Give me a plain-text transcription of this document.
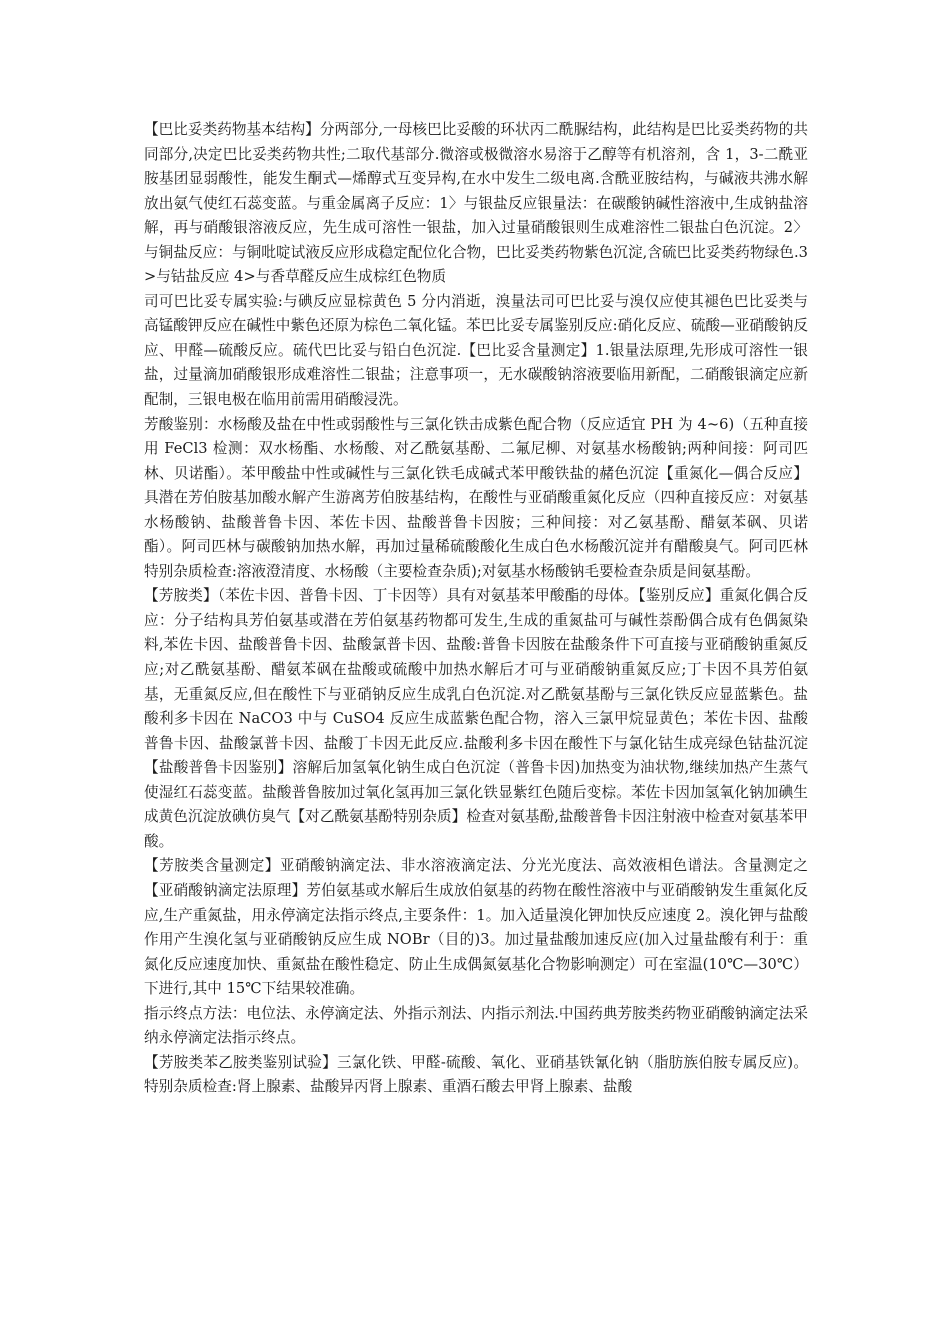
【巴比妥类药物基本结构】分两部分,一母核巴比妥酸的环状丙二酰脲结构，此结构是巴比妥类药物的共同部分,决定巴比妥类药物共性;二取代基部分.微溶或极微溶水易溶于乙醇等有机溶剂，含 1，3-二酰亚胺基团显弱酸性，能发生酮式—烯醇式互变异构,在水中发生二级电离.含酰亚胺结构，与碱液共沸水解放出氨气使红石蕊变蓝。与重金属离子反应：1〉与银盐反应银量法：在碳酸钠碱性溶液中,生成钠盐溶解，再与硝酸银溶液反应，先生成可溶性一银盐，加入过量硝酸银则生成难溶性二银盐白色沉淀。2〉与铜盐反应：与铜吡啶试液反应形成稳定配位化合物，巴比妥类药物紫色沉淀,含硫巴比妥类药物绿色.3>与钴盐反应 4>与香草醛反应生成棕红色物质

司可巴比妥专属实验:与碘反应显棕黄色 5 分内消逝，溴量法司可巴比妥与溴仅应使其褪色巴比妥类与高锰酸钾反应在碱性中紫色还原为棕色二氧化锰。苯巴比妥专属鉴别反应:硝化反应、硫酸—亚硝酸钠反应、甲醛—硫酸反应。硫代巴比妥与铅白色沉淀.【巴比妥含量测定】1.银量法原理,先形成可溶性一银盐，过量滴加硝酸银形成难溶性二银盐；注意事项一，无水碳酸钠溶液要临用新配，二硝酸银滴定应新配制，三银电极在临用前需用硝酸浸洗。

芳酸鉴别：水杨酸及盐在中性或弱酸性与三氯化铁击成紫色配合物（反应适宜 PH 为 4~6)（五种直接用 FeCl3 检测：双水杨酯、水杨酸、对乙酰氨基酚、二氟尼柳、对氨基水杨酸钠;两种间接：阿司匹林、贝诺酯）。苯甲酸盐中性或碱性与三氯化铁毛成碱式苯甲酸铁盐的赭色沉淀【重氮化—偶合反应】具潜在芳伯胺基加酸水解产生游离芳伯胺基结构，在酸性与亚硝酸重氮化反应（四种直接反应：对氨基水杨酸钠、盐酸普鲁卡因、苯佐卡因、盐酸普鲁卡因胺；三种间接：对乙氨基酚、醋氨苯砜、贝诺酯）。阿司匹林与碳酸钠加热水解，再加过量稀硫酸酸化生成白色水杨酸沉淀并有醋酸臭气。阿司匹林特别杂质检查:溶液澄清度、水杨酸（主要检查杂质);对氨基水杨酸钠毛要检查杂质是间氨基酚。

【芳胺类】（苯佐卡因、普鲁卡因、丁卡因等）具有对氨基苯甲酸酯的母体。【鉴别反应】重氮化偶合反应：分子结构具芳伯氨基或潜在芳伯氨基药物都可发生,生成的重氮盐可与碱性萘酚偶合成有色偶氮染料,苯佐卡因、盐酸普鲁卡因、盐酸氯普卡因、盐酸:普鲁卡因胺在盐酸条件下可直接与亚硝酸钠重氮反应;对乙酰氨基酚、醋氨苯砜在盐酸或硫酸中加热水解后才可与亚硝酸钠重氮反应;丁卡因不具芳伯氨基，无重氮反应,但在酸性下与亚硝钠反应生成乳白色沉淀.对乙酰氨基酚与三氯化铁反应显蓝紫色。盐酸利多卡因在 NaCO3 中与 CuSO4 反应生成蓝紫色配合物，溶入三氯甲烷显黄色；苯佐卡因、盐酸普鲁卡因、盐酸氯普卡因、盐酸丁卡因无此反应.盐酸利多卡因在酸性下与氯化钴生成亮绿色钴盐沉淀【盐酸普鲁卡因鉴别】溶解后加氢氧化钠生成白色沉淀（普鲁卡因)加热变为油状物,继续加热产生蒸气使湿红石蕊变蓝。盐酸普鲁胺加过氧化氢再加三氯化铁显紫红色随后变棕。苯佐卡因加氢氧化钠加碘生成黄色沉淀放碘仿臭气【对乙酰氨基酚特别杂质】检查对氨基酚,盐酸普鲁卡因注射液中检查对氨基苯甲酸。

【芳胺类含量测定】亚硝酸钠滴定法、非水溶液滴定法、分光光度法、高效液相色谱法。含量测定之【亚硝酸钠滴定法原理】芳伯氨基或水解后生成放伯氨基的药物在酸性溶液中与亚硝酸钠发生重氮化反应,生产重氮盐，用永停滴定法指示终点,主要条件：1。加入适量溴化钾加快反应速度 2。溴化钾与盐酸作用产生溴化氢与亚硝酸钠反应生成 NOBr（目的)3。加过量盐酸加速反应(加入过量盐酸有利于：重氮化反应速度加快、重氮盐在酸性稳定、防止生成偶氮氨基化合物影响测定）可在室温(10℃—30℃）下进行,其中 15℃下结果较准确。

指示终点方法：电位法、永停滴定法、外指示剂法、内指示剂法.中国药典芳胺类药物亚硝酸钠滴定法采纳永停滴定法指示终点。

【芳胺类苯乙胺类鉴别试验】三氯化铁、甲醛-硫酸、氧化、亚硝基铁氰化钠（脂肪族伯胺专属反应)。特别杂质检查:肾上腺素、盐酸异丙肾上腺素、重酒石酸去甲肾上腺素、盐酸
